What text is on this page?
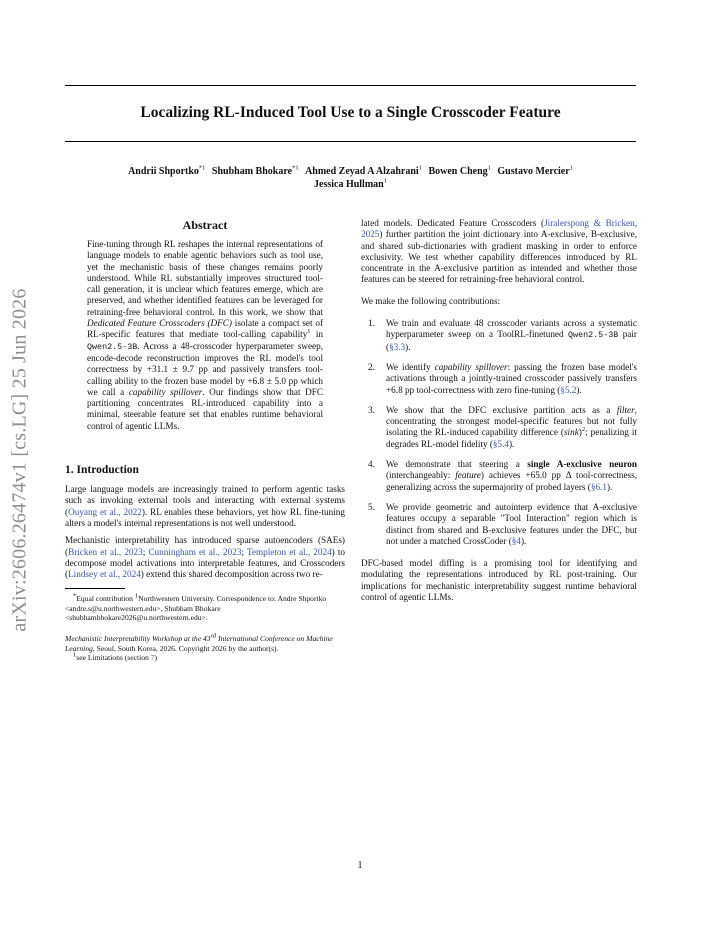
Localizing RL-Induced Tool Use to a Single Crosscoder Feature
Andrii Shportko$^{*1}$ Shubham Bhokare$^{*1}$ Ahmed Zeyad A Alzahrani$^1$ Bowen Cheng$^1$ Gustavo Mercier$^1$
Jessica Hullman$^1$
arXiv:2606.26474v1 [cs.LG] 25 Jun 2026
Abstract

Fine-tuning through RL reshapes the internal representations of language models to enable agentic behaviors such as tool use, yet the mechanistic basis of these changes remains poorly understood. While RL substantially improves structured tool-call generation, it is unclear which features emerge, which are preserved, and whether identified features can be leveraged for retraining-free behavioral control. In this work, we show that Dedicated Feature Crosscoders (DFC) isolate a compact set of RL-specific features that mediate tool-calling capability$^1$ in Qwen2.5-3B. Across a 48-crosscoder hyperparameter sweep, encode-decode reconstruction improves the RL model's tool correctness by +31.1 ± 9.7 pp and passively transfers tool-calling ability to the frozen base model by +6.8 ± 5.0 pp which we call a capability spillover. Our findings show that DFC partitioning concentrates RL-introduced capability into a minimal, steerable feature set that enables runtime behavioral control of agentic LLMs.

1. Introduction

Large language models are increasingly trained to perform agentic tasks such as invoking external tools and interacting with external systems (Ouyang et al., 2022). RL enables these behaviors, yet how RL fine-tuning alters a model's internal representations is not well understood.

Mechanistic interpretability has introduced sparse autoencoders (SAEs) (Bricken et al., 2023; Cunningham et al., 2023; Templeton et al., 2024) to decompose model activations into interpretable features, and Crosscoders (Lindsey et al., 2024) extend this shared decomposition across two re-

*Equal contribution $^1$Northwestern University. Correspondence to: Andre Shportko <andre.s@u.northwestern.edu>, Shubham Bhokare <shubhambhokare2026@u.northwestern.edu>.

Mechanistic Interpretability Workshop at the 43rd International Conference on Machine Learning, Seoul, South Korea, 2026. Copyright 2026 by the author(s).

$^1$see Limitations (section 7)

lated models. Dedicated Feature Crosscoders (Jiralerspong & Bricken, 2025) further partition the joint dictionary into A-exclusive, B-exclusive, and shared sub-dictionaries with gradient masking in order to enforce exclusivity. We test whether capability differences introduced by RL concentrate in the A-exclusive partition as intended and whether those features can be steered for retraining-free behavioral control.

We make the following contributions:

1. We train and evaluate 48 crosscoder variants across a systematic hyperparameter sweep on a ToolRL-finetuned Qwen2.5-3B pair (§3.3).
2. We identify capability spillover: passing the frozen base model's activations through a jointly-trained crosscoder passively transfers +6.8 pp tool-correctness with zero fine-tuning (§5.2).
3. We show that the DFC exclusive partition acts as a filter, concentrating the strongest model-specific features but not fully isolating the RL-induced capability difference $(\sin k)^2$; penalizing it degrades RL-model fidelity (§5.4).
4. We demonstrate that steering a single A-exclusive neuron (interchangeably: feature) achieves +65.0 pp Δ tool-correctness, generalizing across the supermajority of probed layers (§6.1).
5. We provide geometric and autointerp evidence that A-exclusive features occupy a separable "Tool Interaction" region which is distinct from shared and B-exclusive features under the DFC, but not under a matched CrossCoder (§4).

DFC-based model diffing is a promising tool for identifying and modulating the representations introduced by RL post-training. Our implications for mechanistic interpretability suggest runtime behavioral control of agentic LLMs.

1
